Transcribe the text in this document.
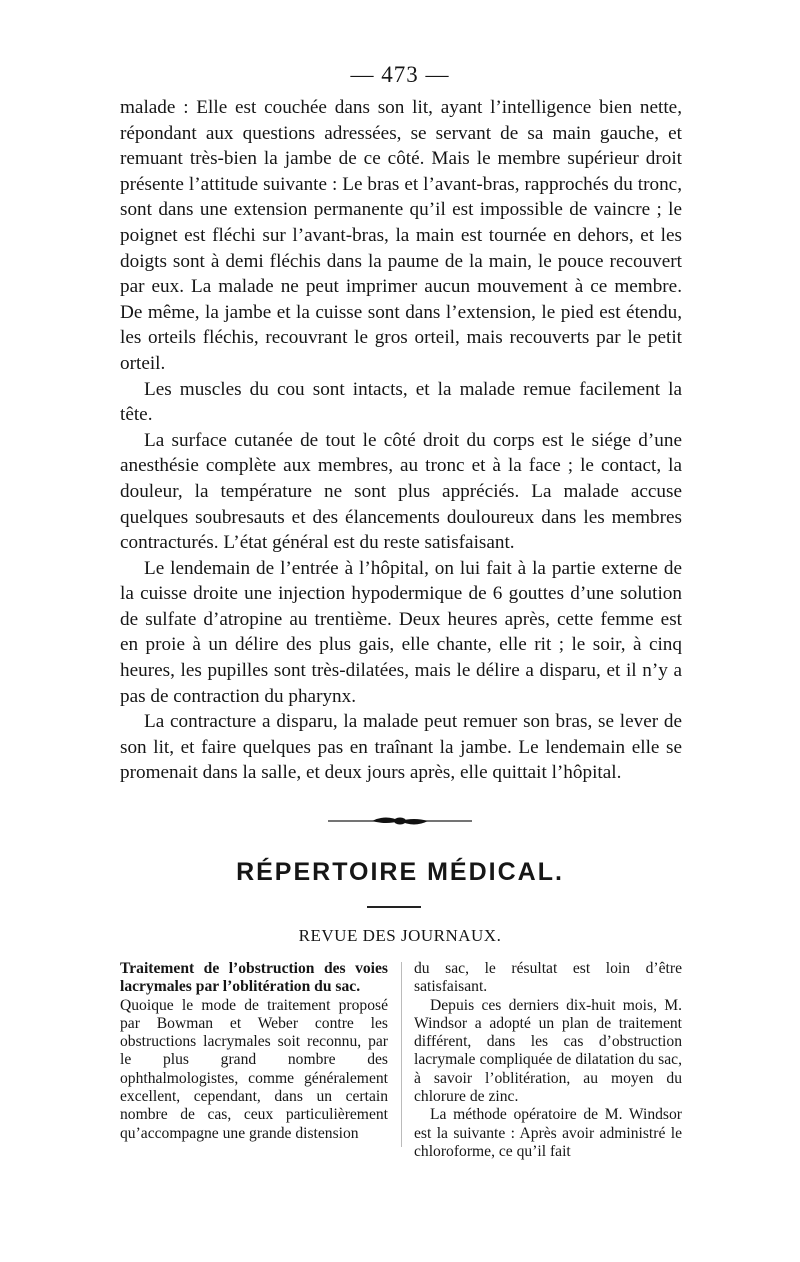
— 473 —

malade : Elle est couchée dans son lit, ayant l’intelligence bien nette, répondant aux questions adressées, se servant de sa main gauche, et remuant très-bien la jambe de ce côté. Mais le membre supérieur droit présente l’attitude suivante : Le bras et l’avant-bras, rapprochés du tronc, sont dans une extension permanente qu’il est impossible de vaincre ; le poignet est fléchi sur l’avant-bras, la main est tournée en dehors, et les doigts sont à demi fléchis dans la paume de la main, le pouce recouvert par eux. La malade ne peut imprimer aucun mouvement à ce membre. De même, la jambe et la cuisse sont dans l’extension, le pied est étendu, les orteils fléchis, recouvrant le gros orteil, mais recouverts par le petit orteil.

Les muscles du cou sont intacts, et la malade remue facilement la tête.

La surface cutanée de tout le côté droit du corps est le siége d’une anesthésie complète aux membres, au tronc et à la face ; le contact, la douleur, la température ne sont plus appréciés. La malade accuse quelques soubresauts et des élancements douloureux dans les membres contracturés. L’état général est du reste satisfaisant.

Le lendemain de l’entrée à l’hôpital, on lui fait à la partie externe de la cuisse droite une injection hypodermique de 6 gouttes d’une solution de sulfate d’atropine au trentième. Deux heures après, cette femme est en proie à un délire des plus gais, elle chante, elle rit ; le soir, à cinq heures, les pupilles sont très-dilatées, mais le délire a disparu, et il n’y a pas de contraction du pharynx.

La contracture a disparu, la malade peut remuer son bras, se lever de son lit, et faire quelques pas en traînant la jambe. Le lendemain elle se promenait dans la salle, et deux jours après, elle quittait l’hôpital.

RÉPERTOIRE MÉDICAL.
REVUE DES JOURNAUX.

Traitement de l’obstruction des voies lacrymales par l’oblitération du sac.

Quoique le mode de traitement proposé par Bowman et Weber contre les obstructions lacrymales soit reconnu, par le plus grand nombre des ophthalmologistes, comme généralement excellent, cependant, dans un certain nombre de cas, ceux particulièrement qu’accompagne une grande distension

du sac, le résultat est loin d’être satisfaisant.

Depuis ces derniers dix-huit mois, M. Windsor a adopté un plan de traitement différent, dans les cas d’obstruction lacrymale compliquée de dilatation du sac, à savoir l’oblitération, au moyen du chlorure de zinc.

La méthode opératoire de M. Windsor est la suivante : Après avoir administré le chloroforme, ce qu’il fait
